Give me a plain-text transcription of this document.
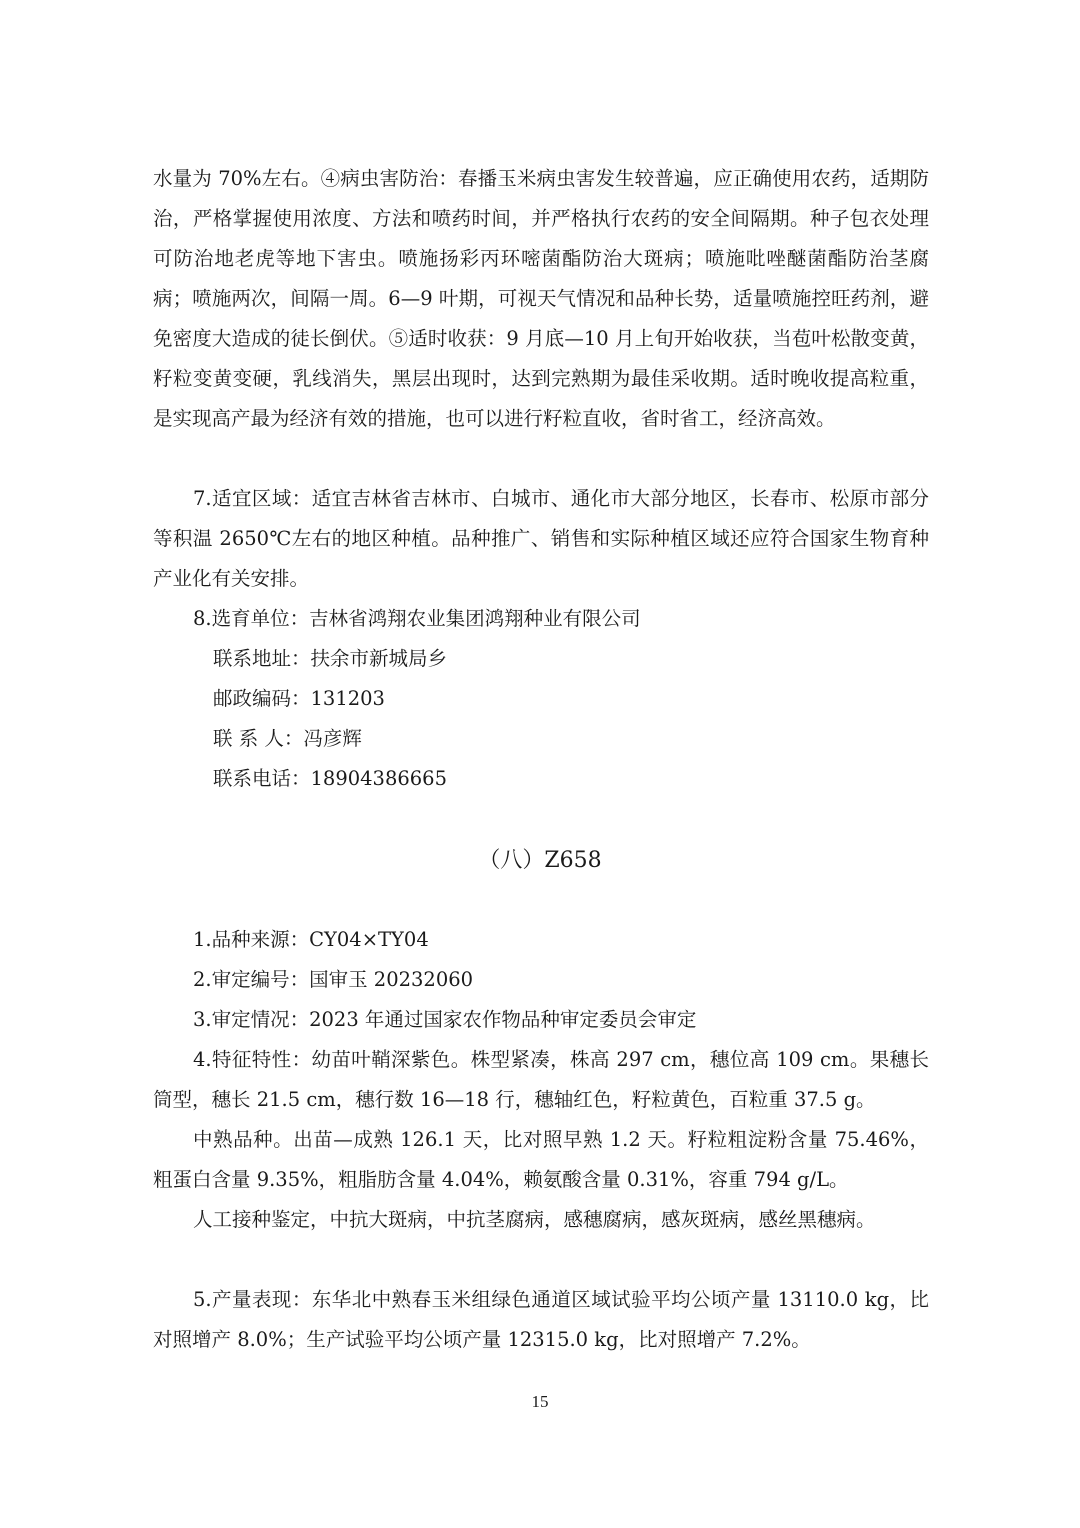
水量为 70%左右。④病虫害防治：春播玉米病虫害发生较普遍，应正确使用农药，适期防治，严格掌握使用浓度、方法和喷药时间，并严格执行农药的安全间隔期。种子包衣处理可防治地老虎等地下害虫。喷施扬彩丙环嘧菌酯防治大斑病；喷施吡唑醚菌酯防治茎腐病；喷施两次，间隔一周。6—9 叶期，可视天气情况和品种长势，适量喷施控旺药剂，避免密度大造成的徒长倒伏。⑤适时收获：9 月底—10 月上旬开始收获，当苞叶松散变黄，籽粒变黄变硬，乳线消失，黑层出现时，达到完熟期为最佳采收期。适时晚收提高粒重，是实现高产最为经济有效的措施，也可以进行籽粒直收，省时省工，经济高效。
7.适宜区域：适宜吉林省吉林市、白城市、通化市大部分地区，长春市、松原市部分等积温 2650℃左右的地区种植。品种推广、销售和实际种植区域还应符合国家生物育种产业化有关安排。
8.选育单位：吉林省鸿翔农业集团鸿翔种业有限公司
联系地址：扶余市新城局乡
邮政编码：131203
联 系 人：冯彦辉
联系电话：18904386665
（八）Z658
1.品种来源：CY04×TY04
2.审定编号：国审玉 20232060
3.审定情况：2023 年通过国家农作物品种审定委员会审定
4.特征特性：幼苗叶鞘深紫色。株型紧凑，株高 297 cm，穗位高 109 cm。果穗长筒型，穗长 21.5 cm，穗行数 16—18 行，穗轴红色，籽粒黄色，百粒重 37.5 g。
中熟品种。出苗—成熟 126.1 天，比对照早熟 1.2 天。籽粒粗淀粉含量 75.46%，粗蛋白含量 9.35%，粗脂肪含量 4.04%，赖氨酸含量 0.31%，容重 794 g/L。
人工接种鉴定，中抗大斑病，中抗茎腐病，感穗腐病，感灰斑病，感丝黑穗病。
5.产量表现：东华北中熟春玉米组绿色通道区域试验平均公顷产量 13110.0 kg，比对照增产 8.0%；生产试验平均公顷产量 12315.0 kg，比对照增产 7.2%。
15
